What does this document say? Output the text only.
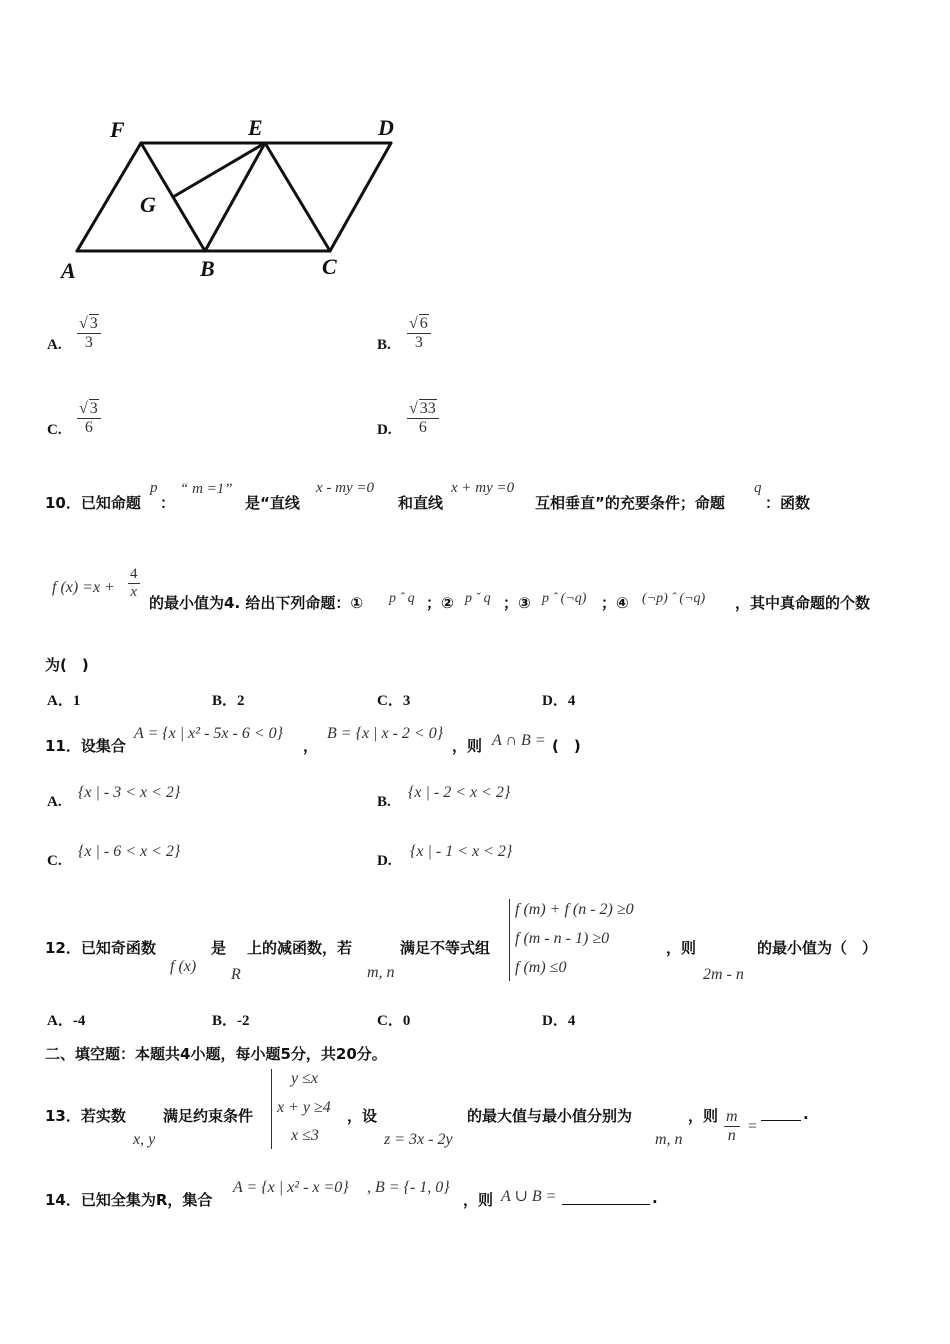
F	E	D
G
A	B	C
A. $\frac{√ 3}{3}$	B. $\frac{√ 6}{3}$
C. $\frac{√ 3}{6}$	D. $\frac{√ 33}{6}$
10．已知命题
p
：
“ m =1”
是“直线
x - my =0
和直线
x + my =0
互相垂直”的充要条件；命题
q
：函数
f $(x) =x + \frac{4}{x}$
的最小值为4. 给出下列命题：① p ˆ q ；② p ˇ q ；③ p ˆ (¬q) ；④ (¬p) ˆ (¬q) ，其中真命题的个数
为(　)
A．1	B．2	C．3	D．4
11．设集合
A = {x | x² - 5x - 6 < 0}
，
B = {x | x - 2 < 0}
，则 A ∩ B = (　)
A.
{x | - 3 < x < 2}
B.
{x | - 2 < x < 2}
C.
{x | - 6 < x < 2}
D.
{x | - 1 < x < 2}
12．已知奇函数
f (x)
是
R
上的减函数，若
m, n
满足不等式组
f (m) + f (n - 2) ≥0
f (m - n - 1) ≥0
f (m) ≤0
，则
2m - n
的最小值为（　）
A．-4	B．-2	C．0	D．4
二、填空题：本题共4小题，每小题5分，共20分。
13．若实数
x, y
满足约束条件
y ≤x
x + y ≥4
x ≤3
，设
z = 3x - 2y
的最大值与最小值分别为
m, n
，则 $\frac{m}{n}$ =
.
14．已知全集为R，集合
A = {x | x² - x =0} , B = {- 1, 0}
，则 A ∪ B =	.
